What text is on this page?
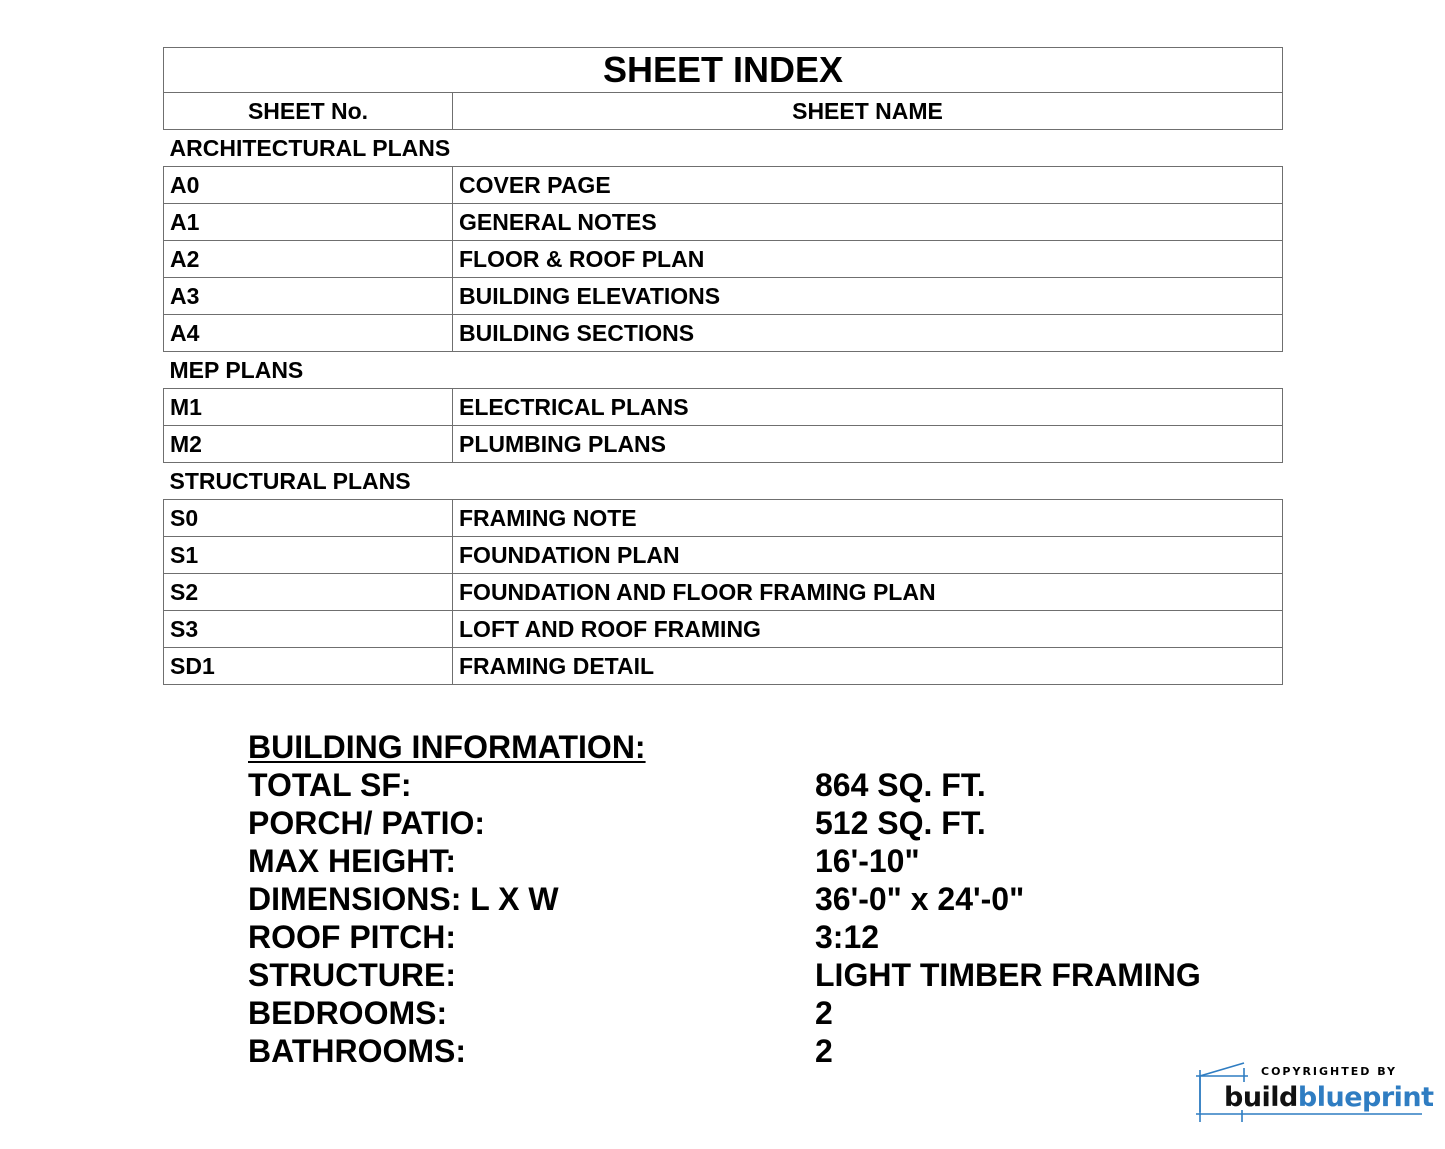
SHEET INDEX	
SHEET No.	SHEET NAME
ARCHITECTURAL PLANS	
A0	COVER PAGE
A1	GENERAL NOTES
A2	FLOOR & ROOF PLAN
A3	BUILDING ELEVATIONS
A4	BUILDING SECTIONS
MEP PLANS	
M1	ELECTRICAL PLANS
M2	PLUMBING PLANS
STRUCTURAL PLANS	
S0	FRAMING NOTE
S1	FOUNDATION PLAN
S2	FOUNDATION AND FLOOR FRAMING PLAN
S3	LOFT AND ROOF FRAMING
SD1	FRAMING DETAIL
BUILDING INFORMATION:
TOTAL SF:	864 SQ. FT.
PORCH/ PATIO:	512 SQ. FT.
MAX HEIGHT:	16'-10"
DIMENSIONS: L X W	36'-0" x 24'-0"
ROOF PITCH:	3:12
STRUCTURE:	LIGHT TIMBER FRAMING
BEDROOMS:	2
BATHROOMS:	2
COPYRIGHTED BY
buildblueprint
